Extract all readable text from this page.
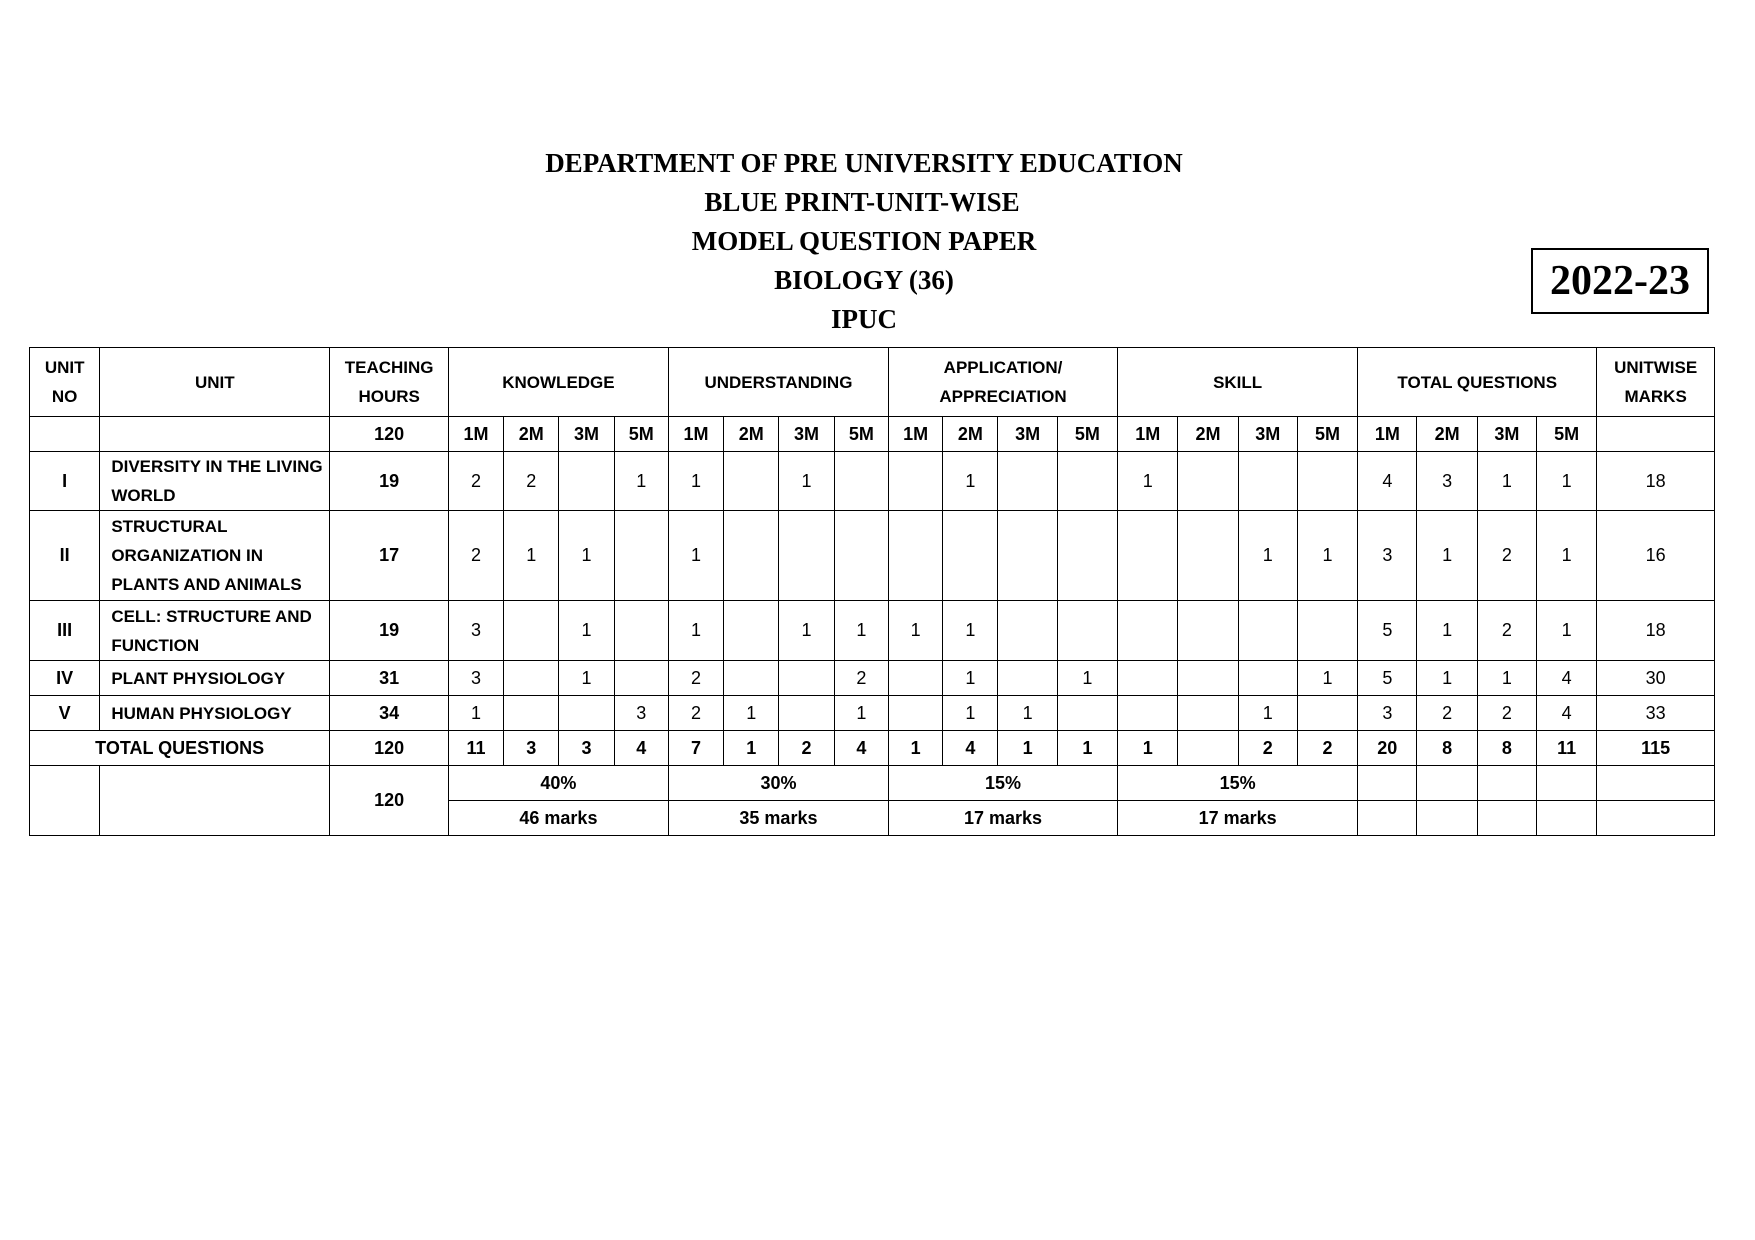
DEPARTMENT OF PRE UNIVERSITY EDUCATION
BLUE PRINT-UNIT-WISE
MODEL QUESTION PAPER
BIOLOGY (36)
IPUC
2022-23
UNIT NO	UNIT	TEACHING HOURS	KNOWLEDGE				UNDERSTANDING				APPLICATION/ APPRECIATION				SKILL				TOTAL QUESTIONS				UNITWISE MARKS
		120	1M	2M	3M	5M	1M	2M	3M	5M	1M	2M	3M	5M	1M	2M	3M	5M	1M	2M	3M	5M	
I	DIVERSITY IN THE LIVING WORLD	19	2	2		1	1		1			1			1				4	3	1	1	18
II	STRUCTURAL ORGANIZATION IN PLANTS AND ANIMALS	17	2	1	1		1										1	1	3	1	2	1	16
III	CELL: STRUCTURE AND FUNCTION	19	3		1		1		1	1	1	1							5	1	2	1	18
IV	PLANT PHYSIOLOGY	31	3		1		2			2		1		1				1	5	1	1	4	30
V	HUMAN PHYSIOLOGY	34	1			3	2	1		1		1	1				1		3	2	2	4	33
TOTAL QUESTIONS		120	11	3	3	4	7	1	2	4	1	4	1	1	1		2	2	20	8	8	11	115
		120	40%				30%				15%				15%								
			46 marks				35 marks				17 marks				17 marks								
